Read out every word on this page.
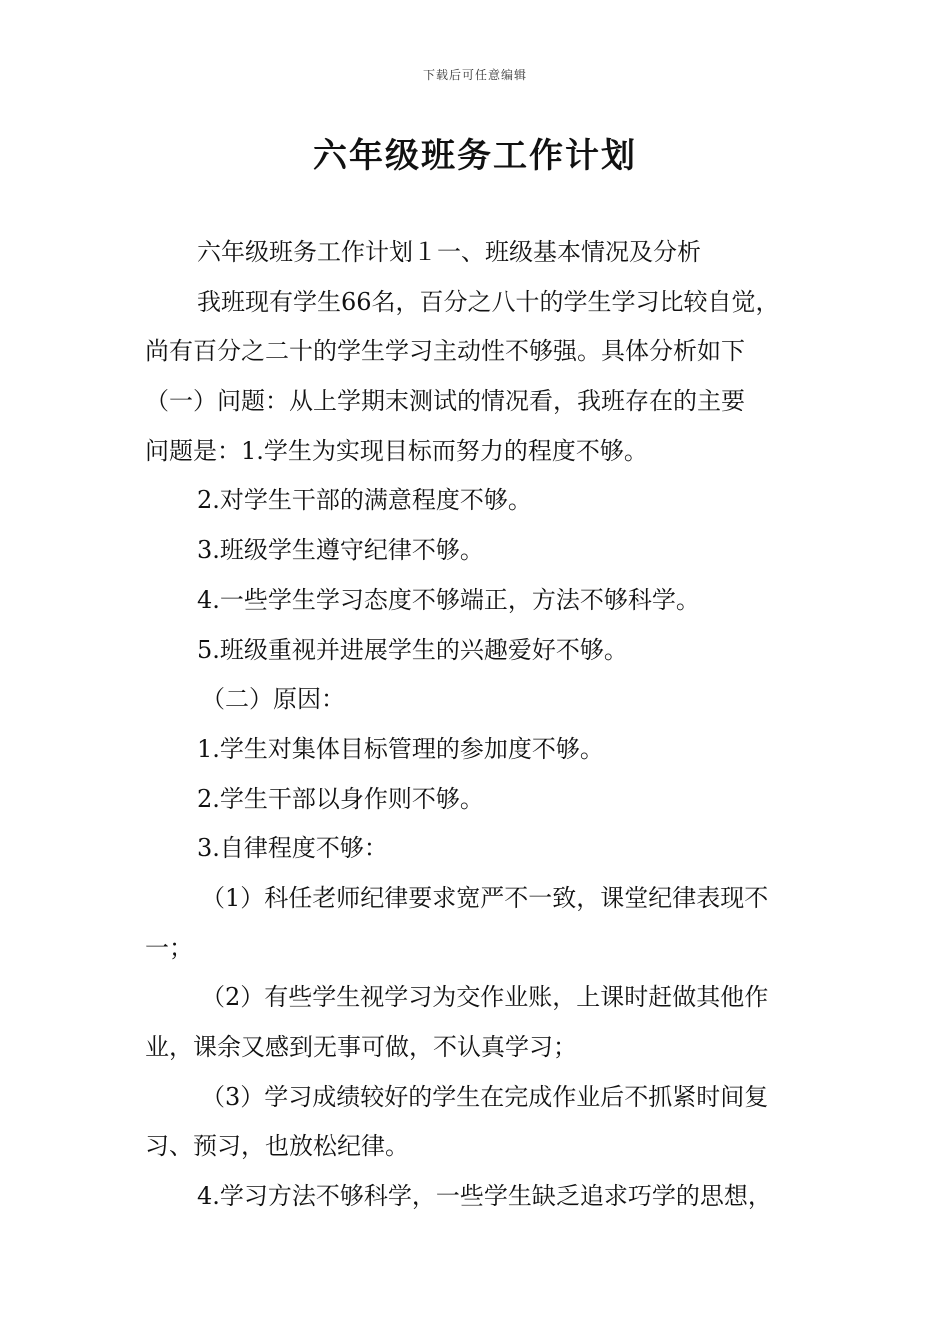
下载后可任意编辑
六年级班务工作计划
六年级班务工作计划１一、班级基本情况及分析
我班现有学生66名，百分之八十的学生学习比较自觉，
尚有百分之二十的学生学习主动性不够强。具体分析如下
（一）问题：从上学期末测试的情况看，我班存在的主要
问题是：1.学生为实现目标而努力的程度不够。
2.对学生干部的满意程度不够。
3.班级学生遵守纪律不够。
4.一些学生学习态度不够端正，方法不够科学。
5.班级重视并进展学生的兴趣爱好不够。
（二）原因：
1.学生对集体目标管理的参加度不够。
2.学生干部以身作则不够。
3.自律程度不够：
（1）科任老师纪律要求宽严不一致，课堂纪律表现不
一；
（2）有些学生视学习为交作业账，上课时赶做其他作
业，课余又感到无事可做，不认真学习；
（3）学习成绩较好的学生在完成作业后不抓紧时间复
习、预习，也放松纪律。
4.学习方法不够科学，一些学生缺乏追求巧学的思想，
